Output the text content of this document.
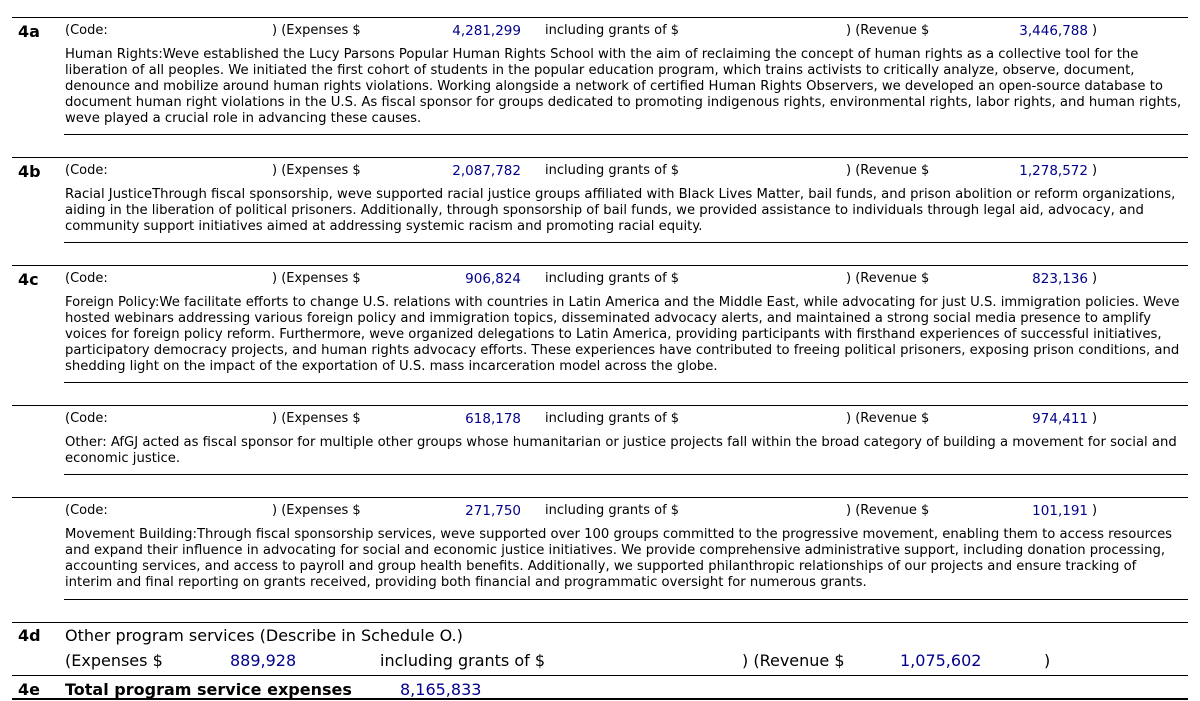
4a (Code:	) (Expenses $	4,281,299 including grants of $	) (Revenue $	3,446,788 )
Human Rights:Weve established the Lucy Parsons Popular Human Rights School with the aim of reclaiming the concept of human rights as a collective tool for the liberation of all peoples. We initiated the first cohort of students in the popular education program, which trains activists to critically analyze, observe, document, denounce and mobilize around human rights violations. Working alongside a network of certified Human Rights Observers, we developed an open-source database to document human right violations in the U.S. As fiscal sponsor for groups dedicated to promoting indigenous rights, environmental rights, labor rights, and human rights, weve played a crucial role in advancing these causes.
4b (Code:	) (Expenses $	2,087,782 including grants of $	) (Revenue $	1,278,572 )
Racial JusticeThrough fiscal sponsorship, weve supported racial justice groups affiliated with Black Lives Matter, bail funds, and prison abolition or reform organizations, aiding in the liberation of political prisoners. Additionally, through sponsorship of bail funds, we provided assistance to individuals through legal aid, advocacy, and community support initiatives aimed at addressing systemic racism and promoting racial equity.
4c (Code:	) (Expenses $	906,824 including grants of $	) (Revenue $	823,136 )
Foreign Policy:We facilitate efforts to change U.S. relations with countries in Latin America and the Middle East, while advocating for just U.S. immigration policies. Weve hosted webinars addressing various foreign policy and immigration topics, disseminated advocacy alerts, and maintained a strong social media presence to amplify voices for foreign policy reform. Furthermore, weve organized delegations to Latin America, providing participants with firsthand experiences of successful initiatives, participatory democracy projects, and human rights advocacy efforts. These experiences have contributed to freeing political prisoners, exposing prison conditions, and shedding light on the impact of the exportation of U.S. mass incarceration model across the globe.
(Code:	) (Expenses $	618,178 including grants of $	) (Revenue $	974,411 )
Other: AfGJ acted as fiscal sponsor for multiple other groups whose humanitarian or justice projects fall within the broad category of building a movement for social and economic justice.
(Code:	) (Expenses $	271,750 including grants of $	) (Revenue $	101,191 )
Movement Building:Through fiscal sponsorship services, weve supported over 100 groups committed to the progressive movement, enabling them to access resources and expand their influence in advocating for social and economic justice initiatives. We provide comprehensive administrative support, including donation processing, accounting services, and access to payroll and group health benefits. Additionally, we supported philanthropic relationships of our projects and ensure tracking of interim and final reporting on grants received, providing both financial and programmatic oversight for numerous grants.
4d Other program services (Describe in Schedule O.)
(Expenses $	889,928	including grants of $	) (Revenue $	1,075,602	)
4e Total program service expenses	8,165,833
